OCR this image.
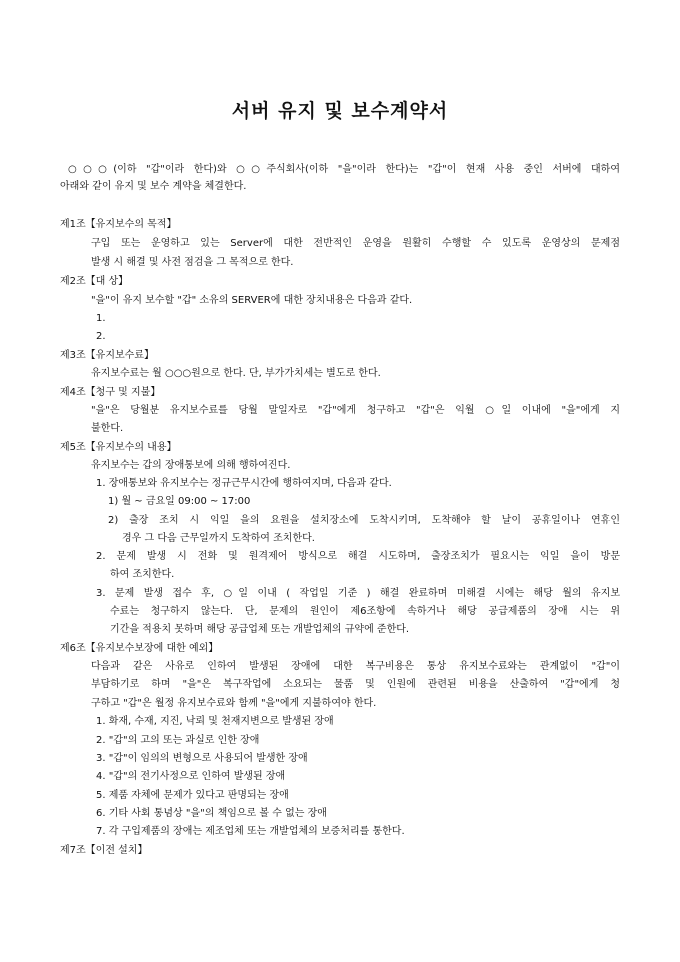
서버 유지 및 보수계약서
○○○(이하 "갑"이라 한다)와 ○○주식회사(이하 "을"이라 한다)는 "갑"이 현재 사용 중인 서버에 대하여
아래와 같이 유지 및 보수 계약을 체결한다.
제1조【유지보수의 목적】
구입 또는 운영하고 있는 Server에 대한 전반적인 운영을 원활히 수행할 수 있도록 운영상의 문제점
발생 시 해결 및 사전 점검을 그 목적으로 한다.
제2조【대 상】
"을"이 유지 보수할 "갑" 소유의 SERVER에 대한 장치내용은 다음과 같다.
1.
2.
제3조【유지보수료】
유지보수료는 월 ○○○원으로 한다. 단, 부가가치세는 별도로 한다.
제4조【청구 및 지불】
"을"은 당월분 유지보수료를 당월 말일자로 "갑"에게 청구하고 "갑"은 익월 ○일 이내에 "을"에게 지
불한다.
제5조【유지보수의 내용】
유지보수는 갑의 장애통보에 의해 행하여진다.
1. 장애통보와 유지보수는 정규근무시간에 행하여지며, 다음과 같다.
1) 월 ~ 금요일 09:00 ~ 17:00
2) 출장 조치 시 익일 을의 요원을 설치장소에 도착시키며, 도착해야 할 날이 공휴일이나 연휴인
경우 그 다음 근무일까지 도착하여 조치한다.
2. 문제 발생 시 전화 및 원격제어 방식으로 해결 시도하며, 출장조치가 필요시는 익일 을이 방문
하여 조치한다.
3. 문제 발생 접수 후, ○일 이내 ( 작업일 기준 ) 해결 완료하며 미해결 시에는 해당 월의 유지보
수료는 청구하지 않는다. 단, 문제의 원인이 제6조항에 속하거나 해당 공급제품의 장애 시는 위
기간을 적용치 못하며 해당 공급업체 또는 개발업체의 규약에 준한다.
제6조【유지보수보장에 대한 예외】
다음과 같은 사유로 인하여 발생된 장애에 대한 복구비용은 통상 유지보수료와는 관계없이 "갑"이
부담하기로 하며 "을"은 복구작업에 소요되는 물품 및 인원에 관련된 비용을 산출하여 "갑"에게 청
구하고 "갑"은 월정 유지보수료와 함께 "을"에게 지불하여야 한다.
1. 화재, 수재, 지진, 낙뢰 및 천재지변으로 발생된 장애
2. "갑"의 고의 또는 과실로 인한 장애
3. "갑"이 임의의 변형으로 사용되어 발생한 장애
4. "갑"의 전기사정으로 인하여 발생된 장애
5. 제품 자체에 문제가 있다고 판명되는 장애
6. 기타 사회 통념상 "을"의 책임으로 볼 수 없는 장애
7. 각 구입제품의 장애는 제조업체 또는 개발업체의 보증처리를 통한다.
제7조【이전 설치】
